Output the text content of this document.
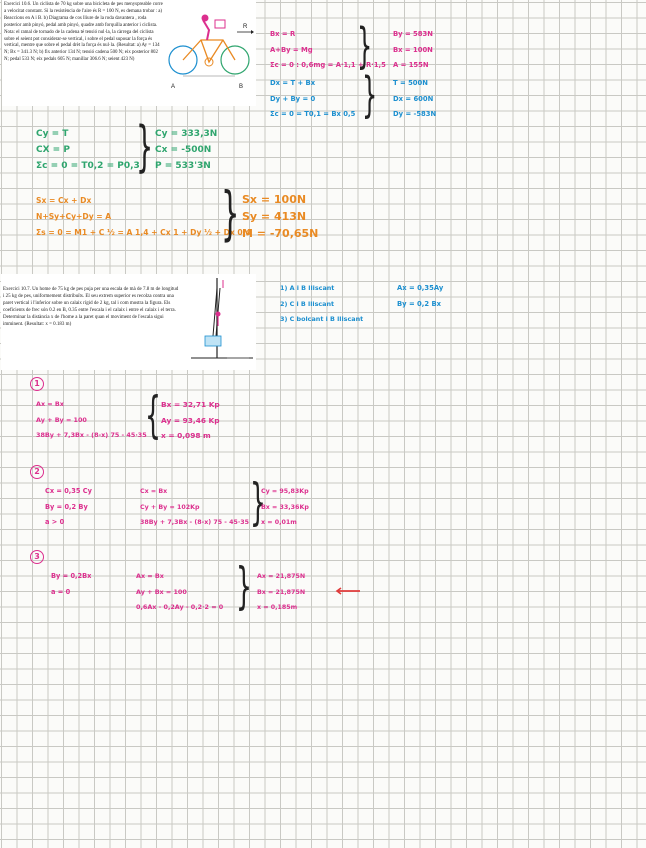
Exercici 10.6. Un ciclista de 70 kg sobre una bicicleta de pes menyspreable corre a velocitat constant. Si la resistència de l'aire és R = 100 N, es demana trobar : a) Reaccions en A i B. b) Diagrama de cos lliure de la roda davantera , roda posterior amb pinyó, pedal amb pinyó, quadre amb forquilla anterior i ciclista. Nota: el ramal de tornado de la cadena té tensió nul·la, la càrrega del ciclista sobre el seient pot considerar-se vertical, i sobre el pedal suposar la força és vertical, mentre que sobre el pedal drèt la força és nul·la. (Resultat: a) Ay = 134 N; Bx = 341.3 N; b) fix anterior 134 N; tensió cadena 500 N; eix posterior 802 N; pedal 533 N; eix pedals 605 N; manillar 306.6 N; seient 423 N)

R
A	B
Bx = R
A+By = Mg
Σc = 0 : 0,6mg = A·1,1 + R·1,5
}	By = 583N
Bx = 100N
A = 155N
Dx = T + Bx
Dy + By = 0
Σc = 0 = T0,1 = Bx 0,5 } T = 500N
Dx = 600N
Dy = -583N
Cy = T
CX = P
Σc = 0 = T0,2 = P0,3
} Cy = 333,3N
Cx = -500N
P = 533'3N
Sx = Cx + Dx
N+Sy+Cy+Dy = A
Σs = 0 = M1 + C ½ = A 1,4 + Cx 1 + Dy ½ + Dx 0,4
} Sx = 100N
Sy = 413N
M = -70,65N

Exercici 10.7. Un home de 75 kg de pes puja per una escala de mà de 7.8 m de longitud i 25 kg de pes, uniformement distribuïts. El seu extrem superior es recolza contra una paret vertical i l'inferior sobre un calaix rígid de 2 kg, tal i com mostra la figura. Els coeficients de frec són 0.2 en B, 0.35 entre l'escala i el calaix i entre el calaix i el terra. Determinar la distància x de l'home a la paret quan el moviment de l'escala sigui imminent. (Resultat: x = 0.183 m)

1) A i B lliscant
2) C i B lliscant
3) C bolcant i B lliscant
Ax = 0,35Ay
By = 0,2 Bx
1
Ax = Bx
Ay + By = 100
38By + 7,3Bx - (8-x) 75 - 45·35
{ Bx = 32,71 Kp
Ay = 93,46 Kp
x = 0,098 m
2
Cx = 0,35 Cy
By = 0,2 By
a > 0
Cx = Bx
Cy + By = 102Kp
38By + 7,3Bx - (8-x) 75 - 45·35 }
Cy = 95,83Kp
Bx = 33,36Kp
x = 0,01m
3
By = 0,2Bx
a = 0
Ax = Bx
Ay + Bx = 100
0,6Ax - 0,2Ay - 0,2·2 = 0 } Ax = 21,875N
Bx = 21,875N
x = 0,185m
